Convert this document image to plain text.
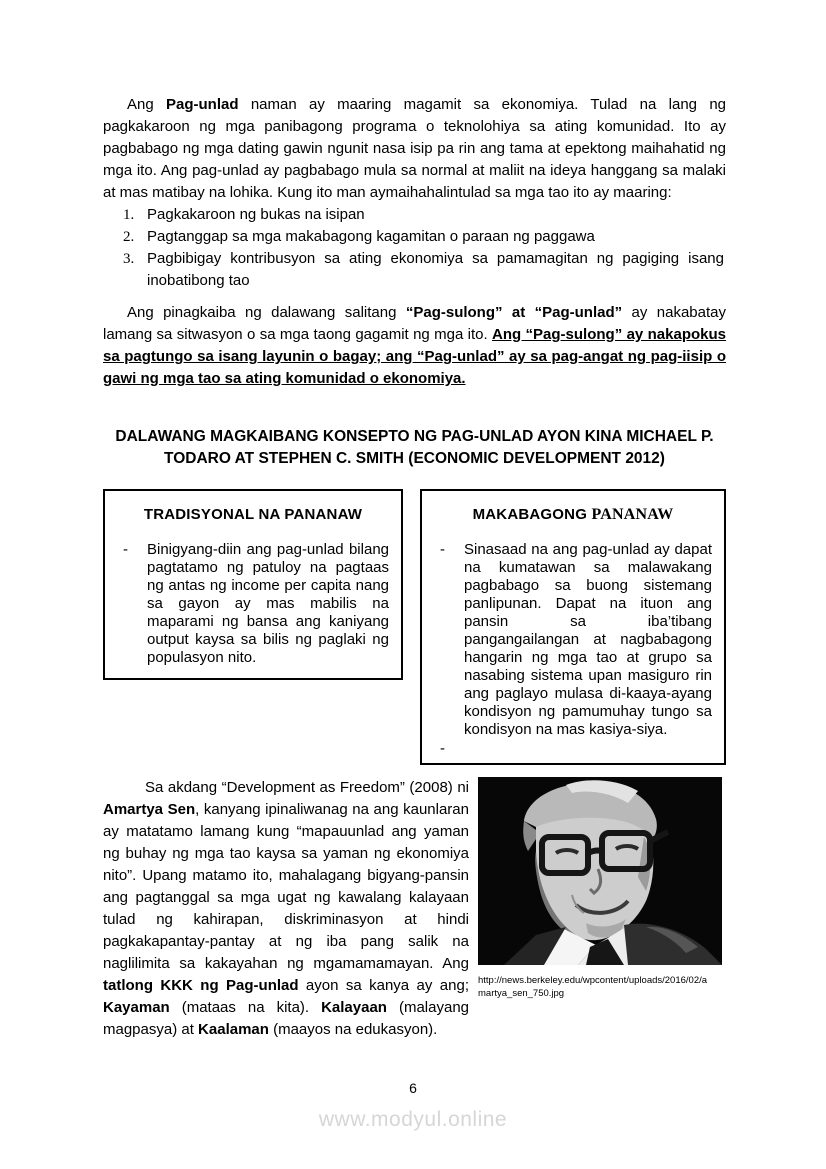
Ang Pag-unlad naman ay maaring magamit sa ekonomiya. Tulad na lang ng pagkakaroon ng mga panibagong programa o teknolohiya sa ating komunidad. Ito ay pagbabago ng mga dating gawin ngunit nasa isip pa rin ang tama at epektong maihahatid ng mga ito. Ang pag-unlad ay pagbabago mula sa normal at maliit na ideya hanggang sa malaki at mas matibay na lohika. Kung ito man aymaihahalintulad sa mga tao ito ay maaring:

1. Pagkakaroon ng bukas na isipan
2. Pagtanggap sa mga makabagong kagamitan o paraan ng paggawa
3. Pagbibigay kontribusyon sa ating ekonomiya sa pamamagitan ng pagiging isang inobatibong tao

Ang pinagkaiba ng dalawang salitang “Pag-sulong” at “Pag-unlad” ay nakabatay lamang sa sitwasyon o sa mga taong gagamit ng mga ito. Ang “Pag-sulong” ay nakapokus sa pagtungo sa isang layunin o bagay; ang “Pag-unlad” ay sa pag-angat ng pag-iisip o gawi ng mga tao sa ating komunidad o ekonomiya.

DALAWANG MAGKAIBANG KONSEPTO NG PAG-UNLAD AYON KINA MICHAEL P. TODARO AT STEPHEN C. SMITH (ECONOMIC DEVELOPMENT 2012)
TRADISYONAL NA PANANAW
-	Binigyang-diin ang pag-unlad bilang pagtatamo ng patuloy na pagtaas ng antas ng income per capita nang sa gayon ay mas mabilis na maparami ng bansa ang kaniyang output kaysa sa bilis ng paglaki ng populasyon nito.
MAKABAGONG PANANAW
-	Sinasaad na ang pag-unlad ay dapat na kumatawan sa malawakang pagbabago sa buong sistemang panlipunan. Dapat na ituon ang pansin sa iba’tibang pangangailangan at nagbabagong hangarin ng mga tao at grupo sa nasabing sistema upan masiguro rin ang paglayo mulasa di-kaaya-ayang kondisyon ng pamumuhay tungo sa kondisyon na mas kasiya-siya.
-

Sa akdang “Development as Freedom” (2008) ni Amartya Sen, kanyang ipinaliwanag na ang kaunlaran ay matatamo lamang kung “mapauunlad ang yaman ng buhay ng mga tao kaysa sa yaman ng ekonomiya nito”. Upang matamo ito, mahalagang bigyang-pansin ang pagtanggal sa mga ugat ng kawalang kalayaan tulad ng kahirapan, diskriminasyon at hindi pagkakapantay-pantay at ng iba pang salik na naglilimita sa kakayahan ng mgamamamayan. Ang tatlong KKK ng Pag-unlad ayon sa kanya ay ang; Kayaman (mataas na kita). Kalayaan (malayang magpasya) at Kaalaman (maayos na edukasyon).

http://news.berkeley.edu/wpcontent/uploads/2016/02/a
martya_sen_750.jpg
6
www.modyul.online
